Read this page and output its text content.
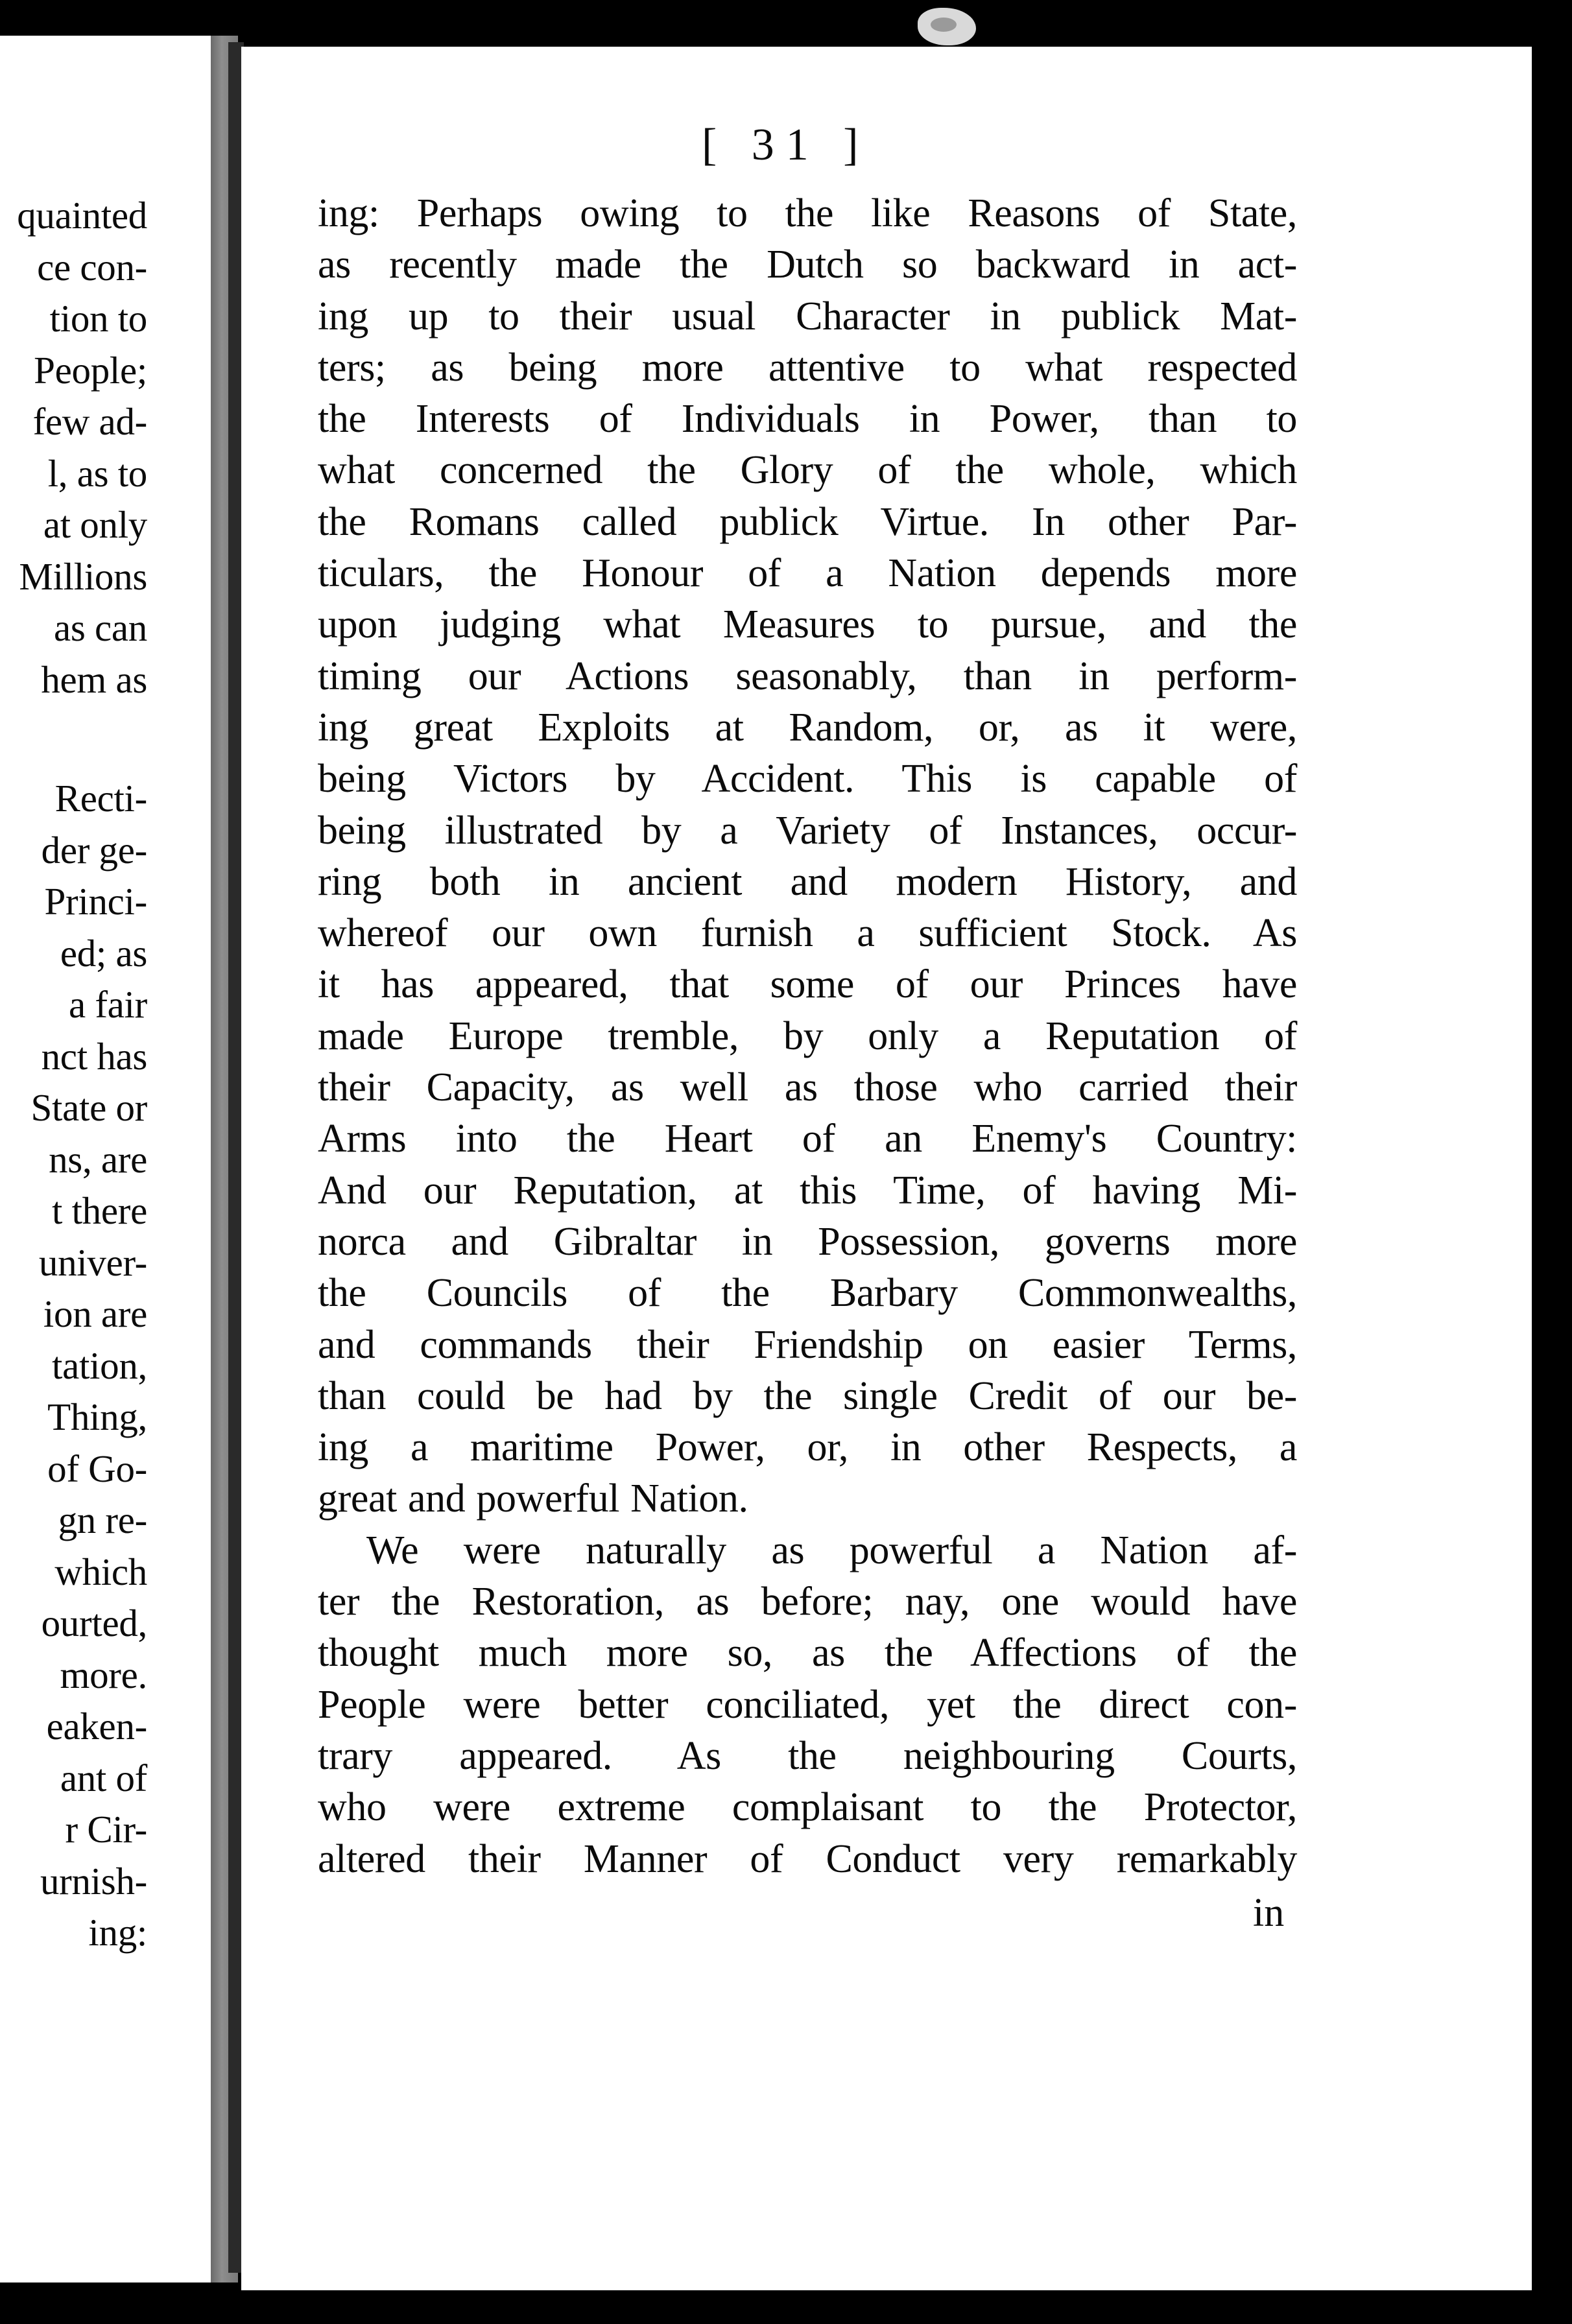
quainted
ce con-
tion to
People;
few ad-
l, as to
at only
Millions
as can
hem as
Recti-
der ge-
Princi-
ed; as
a fair
nct has
State or
ns, are
t there
univer-
ion are
tation,
Thing,
of Go-
gn re-
which
ourted,
more.
eaken-
ant of
r Cir-
urnish-
ing:
[ 31 ]
ing: Perhaps owing to the like Reasons of State,
as recently made the Dutch so backward in act-
ing up to their usual Character in publick Mat-
ters; as being more attentive to what respected
the Interests of Individuals in Power, than to
what concerned the Glory of the whole, which
the Romans called publick Virtue. In other Par-
ticulars, the Honour of a Nation depends more
upon judging what Measures to pursue, and the
timing our Actions seasonably, than in perform-
ing great Exploits at Random, or, as it were,
being Victors by Accident. This is capable of
being illustrated by a Variety of Instances, occur-
ring both in ancient and modern History, and
whereof our own furnish a sufficient Stock. As
it has appeared, that some of our Princes have
made Europe tremble, by only a Reputation of
their Capacity, as well as those who carried their
Arms into the Heart of an Enemy's Country:
And our Reputation, at this Time, of having Mi-
norca and Gibraltar in Possession, governs more
the Councils of the Barbary Commonwealths,
and commands their Friendship on easier Terms,
than could be had by the single Credit of our be-
ing a maritime Power, or, in other Respects, a
great and powerful Nation.
We were naturally as powerful a Nation af-
ter the Restoration, as before; nay, one would have
thought much more so, as the Affections of the
People were better conciliated, yet the direct con-
trary appeared. As the neighbouring Courts,
who were extreme complaisant to the Protector,
altered their Manner of Conduct very remarkably
in
